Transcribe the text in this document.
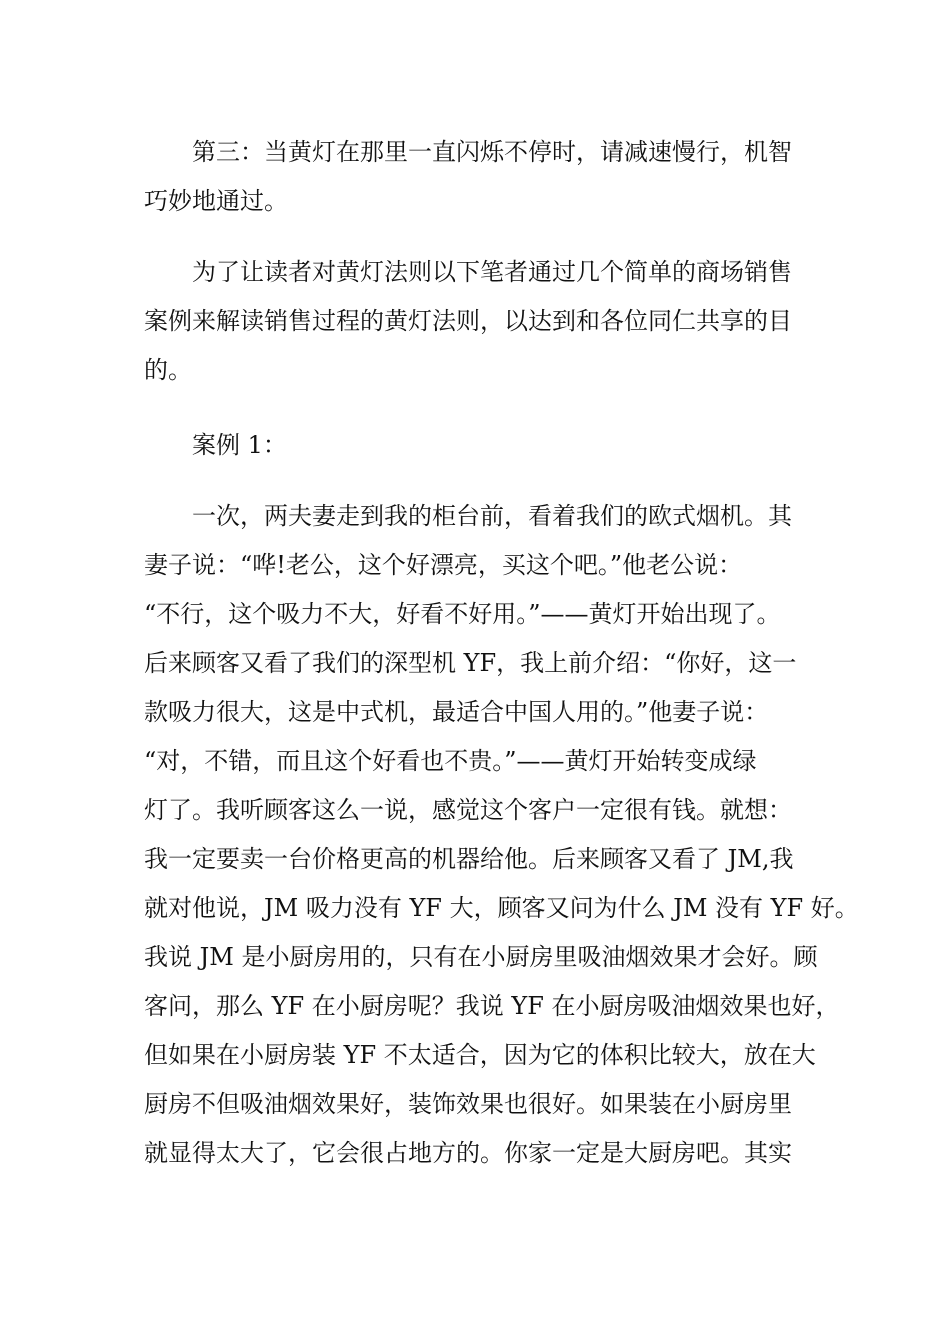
第三：当黄灯在那里一直闪烁不停时，请减速慢行，机智
巧妙地通过。

为了让读者对黄灯法则以下笔者通过几个简单的商场销售
案例来解读销售过程的黄灯法则，以达到和各位同仁共享的目
的。

案例 1：

一次，两夫妻走到我的柜台前，看着我们的欧式烟机。其
妻子说：“哗!老公，这个好漂亮，买这个吧。”他老公说：
“不行，这个吸力不大，好看不好用。”——黄灯开始出现了。
后来顾客又看了我们的深型机 YF，我上前介绍：“你好，这一
款吸力很大，这是中式机，最适合中国人用的。”他妻子说：
“对，不错，而且这个好看也不贵。”——黄灯开始转变成绿
灯了。我听顾客这么一说，感觉这个客户一定很有钱。就想：
我一定要卖一台价格更高的机器给他。后来顾客又看了 JM,我
就对他说，JM 吸力没有 YF 大，顾客又问为什么 JM 没有 YF 好。
我说 JM 是小厨房用的，只有在小厨房里吸油烟效果才会好。顾
客问，那么 YF 在小厨房呢？我说 YF 在小厨房吸油烟效果也好，
但如果在小厨房装 YF 不太适合，因为它的体积比较大，放在大
厨房不但吸油烟效果好，装饰效果也很好。如果装在小厨房里
就显得太大了，它会很占地方的。你家一定是大厨房吧。其实
